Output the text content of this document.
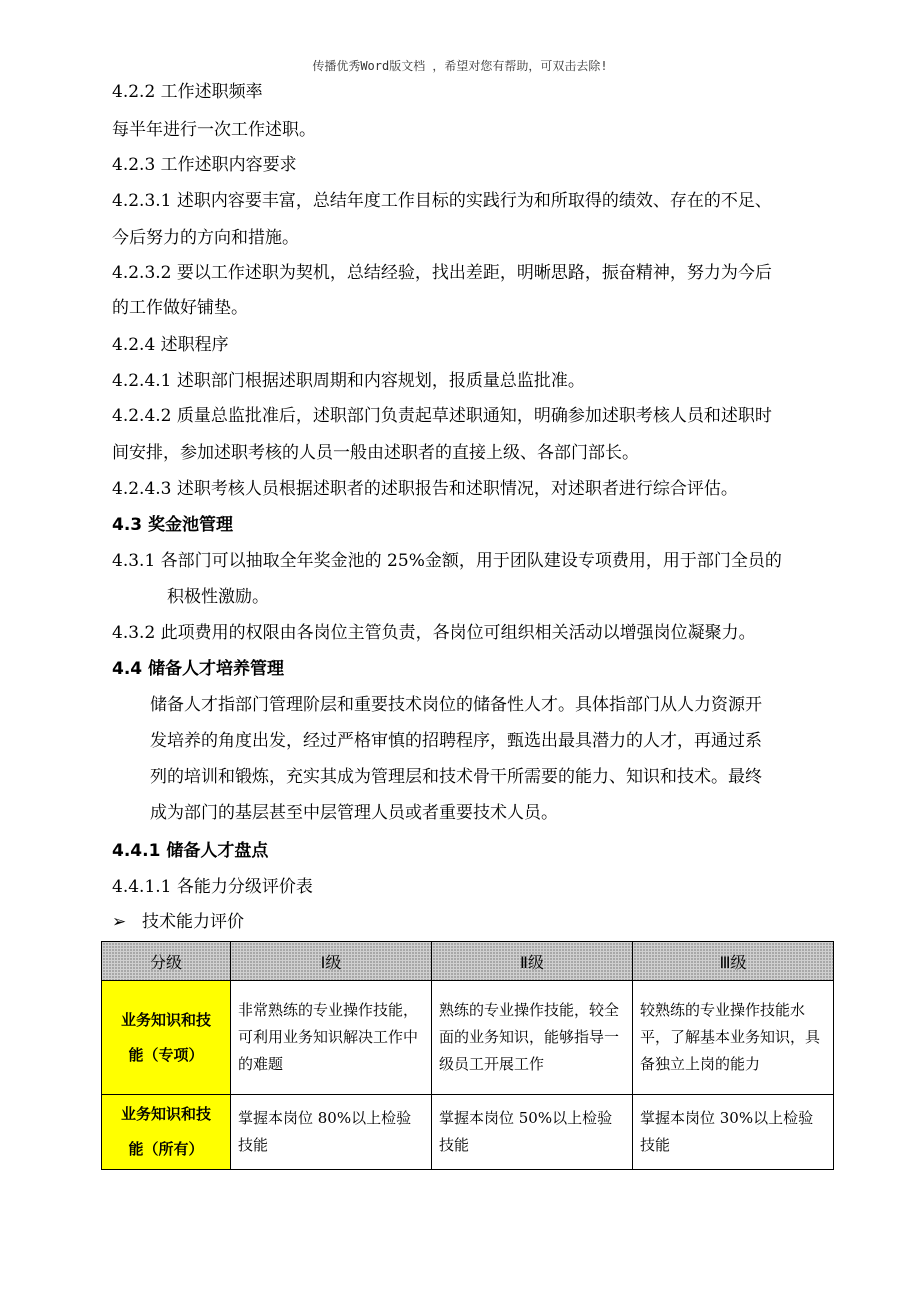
传播优秀Word版文档 ，希望对您有帮助，可双击去除!
4.2.2 工作述职频率
每半年进行一次工作述职。
4.2.3 工作述职内容要求
4.2.3.1 述职内容要丰富，总结年度工作目标的实践行为和所取得的绩效、存在的不足、
今后努力的方向和措施。
4.2.3.2 要以工作述职为契机，总结经验，找出差距，明晰思路，振奋精神，努力为今后
的工作做好铺垫。
4.2.4 述职程序
4.2.4.1 述职部门根据述职周期和内容规划，报质量总监批准。
4.2.4.2 质量总监批准后，述职部门负责起草述职通知，明确参加述职考核人员和述职时
间安排，参加述职考核的人员一般由述职者的直接上级、各部门部长。
4.2.4.3 述职考核人员根据述职者的述职报告和述职情况，对述职者进行综合评估。
4.3 奖金池管理
4.3.1 各部门可以抽取全年奖金池的 25%金额，用于团队建设专项费用，用于部门全员的
积极性激励。
4.3.2 此项费用的权限由各岗位主管负责，各岗位可组织相关活动以增强岗位凝聚力。
4.4 储备人才培养管理
储备人才指部门管理阶层和重要技术岗位的储备性人才。具体指部门从人力资源开
发培养的角度出发，经过严格审慎的招聘程序，甄选出最具潜力的人才，再通过系
列的培训和锻炼，充实其成为管理层和技术骨干所需要的能力、知识和技术。最终
成为部门的基层甚至中层管理人员或者重要技术人员。
4.4.1 储备人才盘点
4.4.1.1 各能力分级评价表
➢ 技术能力评价
分级	Ⅰ级	Ⅱ级	Ⅲ级

业务知识和技
能（专项）	非常熟练的专业操作技能，可利用业务知识解决工作中的难题	熟练的专业操作技能，较全面的业务知识，能够指导一级员工开展工作	较熟练的专业操作技能水平，了解基本业务知识，具备独立上岗的能力

业务知识和技
能（所有）	掌握本岗位 80%以上检验技能	掌握本岗位 50%以上检验技能	掌握本岗位 30%以上检验技能
